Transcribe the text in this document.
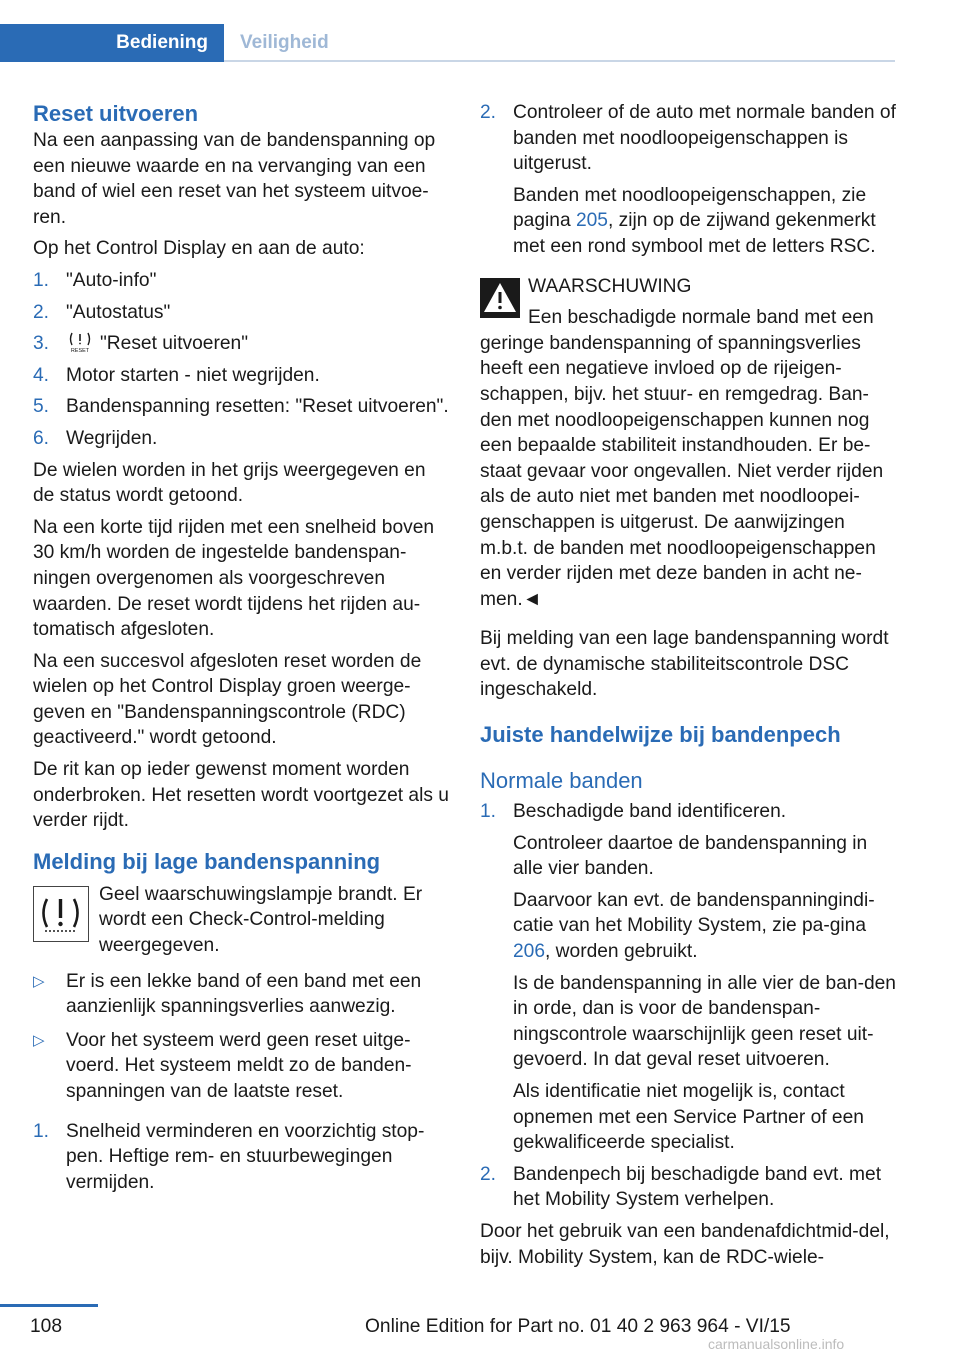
Bediening	Veiligheid
Reset uitvoeren

Na een aanpassing van de bandenspanning op een nieuwe waarde en na vervanging van een band of wiel een reset van het systeem uitvoe‐ren.

Op het Control Display en aan de auto:

1. "Auto-info"
2. "Autostatus"
3.	RESET "Reset uitvoeren"
4. Motor starten - niet wegrijden.
5. Bandenspanning resetten: "Reset uitvoeren".
6. Wegrijden.

De wielen worden in het grijs weergegeven en de status wordt getoond.

Na een korte tijd rijden met een snelheid boven 30 km/h worden de ingestelde bandenspan‐ningen overgenomen als voorgeschreven waarden. De reset wordt tijdens het rijden au‐tomatisch afgesloten.

Na een succesvol afgesloten reset worden de wielen op het Control Display groen weerge‐geven en "Bandenspanningscontrole (RDC) geactiveerd." wordt getoond.

De rit kan op ieder gewenst moment worden onderbroken. Het resetten wordt voortgezet als u verder rijdt.

Melding bij lage bandenspanning
Geel waarschuwingslampje brandt. Er wordt een Check-Control-melding weergegeven.
▷ Er is een lekke band of een band met een aanzienlijk spanningsverlies aanwezig.
▷ Voor het systeem werd geen reset uitge‐voerd. Het systeem meldt zo de banden‐spanningen van de laatste reset.
1. Snelheid verminderen en voorzichtig stop‐pen. Heftige rem- en stuurbewegingen vermijden.
2. Controleer of de auto met normale banden of banden met noodloopeigenschappen is uitgerust.

Banden met noodloopeigenschappen, zie pagina 205, zijn op de zijwand gekenmerkt met een rond symbool met de letters RSC.

WAARSCHUWING
Een beschadigde normale band met een
geringe bandenspanning of spanningsverlies heeft een negatieve invloed op de rijeigen‐schappen, bijv. het stuur- en remgedrag. Ban‐den met noodloopeigenschappen kunnen nog een bepaalde stabiliteit instandhouden. Er be‐staat gevaar voor ongevallen. Niet verder rijden als de auto niet met banden met noodloopei‐genschappen is uitgerust. De aanwijzingen m.b.t. de banden met noodloopeigenschappen en verder rijden met deze banden in acht ne‐men.◄

Bij melding van een lage bandenspanning wordt evt. de dynamische stabiliteitscontrole DSC ingeschakeld.

Juiste handelwijze bij bandenpech
Normale banden
1. Beschadigde band identificeren.

Controleer daartoe de bandenspanning in alle vier banden.

Daarvoor kan evt. de bandenspanningindi‐catie van het Mobility System, zie pa‐gina 206, worden gebruikt.

Is de bandenspanning in alle vier de ban‐den in orde, dan is voor de bandenspan‐ningscontrole waarschijnlijk geen reset uit‐gevoerd. In dat geval reset uitvoeren.

Als identificatie niet mogelijk is, contact opnemen met een Service Partner of een gekwalificeerde specialist.

2. Bandenpech bij beschadigde band evt. met het Mobility System verhelpen.

Door het gebruik van een bandenafdichtmid‐del, bijv. Mobility System, kan de RDC-wiele‐

108	Online Edition for Part no. 01 40 2 963 964 - VI/15
carmanualsonline.info
